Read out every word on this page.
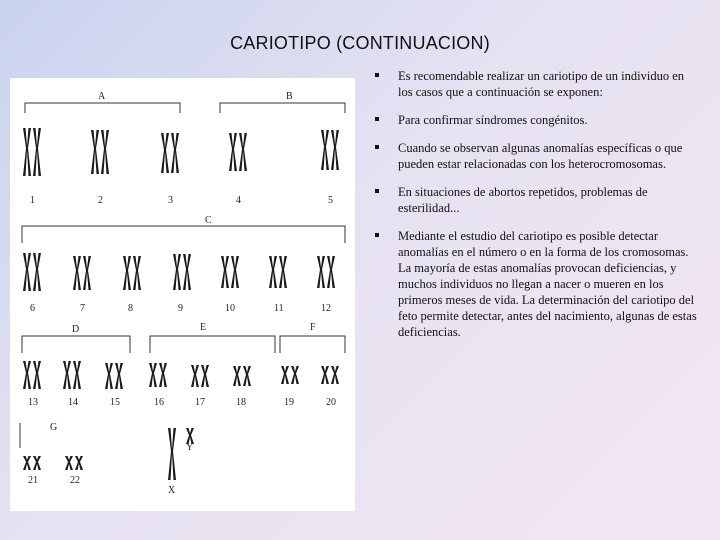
CARIOTIPO (CONTINUACION)
A	B
C
D	E	F
G
1	2	3	4	5
6	7	8	9	10	11	12
13	14	15	16	17	18	19	20
21	22
X
Y
Es recomendable realizar un cariotipo de un individuo en los casos que a continuación se exponen:
Para confirmar síndromes congénitos.
Cuando se observan algunas anomalías específicas o que pueden estar relacionadas con los heterocromosomas.
En situaciones de abortos repetidos, problemas de esterilidad...
Mediante el estudio del cariotipo es posible detectar anomalías en el número o en la forma de los cromosomas. La mayoría de estas anomalías provocan deficiencias, y muchos individuos no llegan a nacer o mueren en los primeros meses de vida. La determinación del cariotipo del feto permite detectar, antes del nacimiento, algunas de estas deficiencias.
